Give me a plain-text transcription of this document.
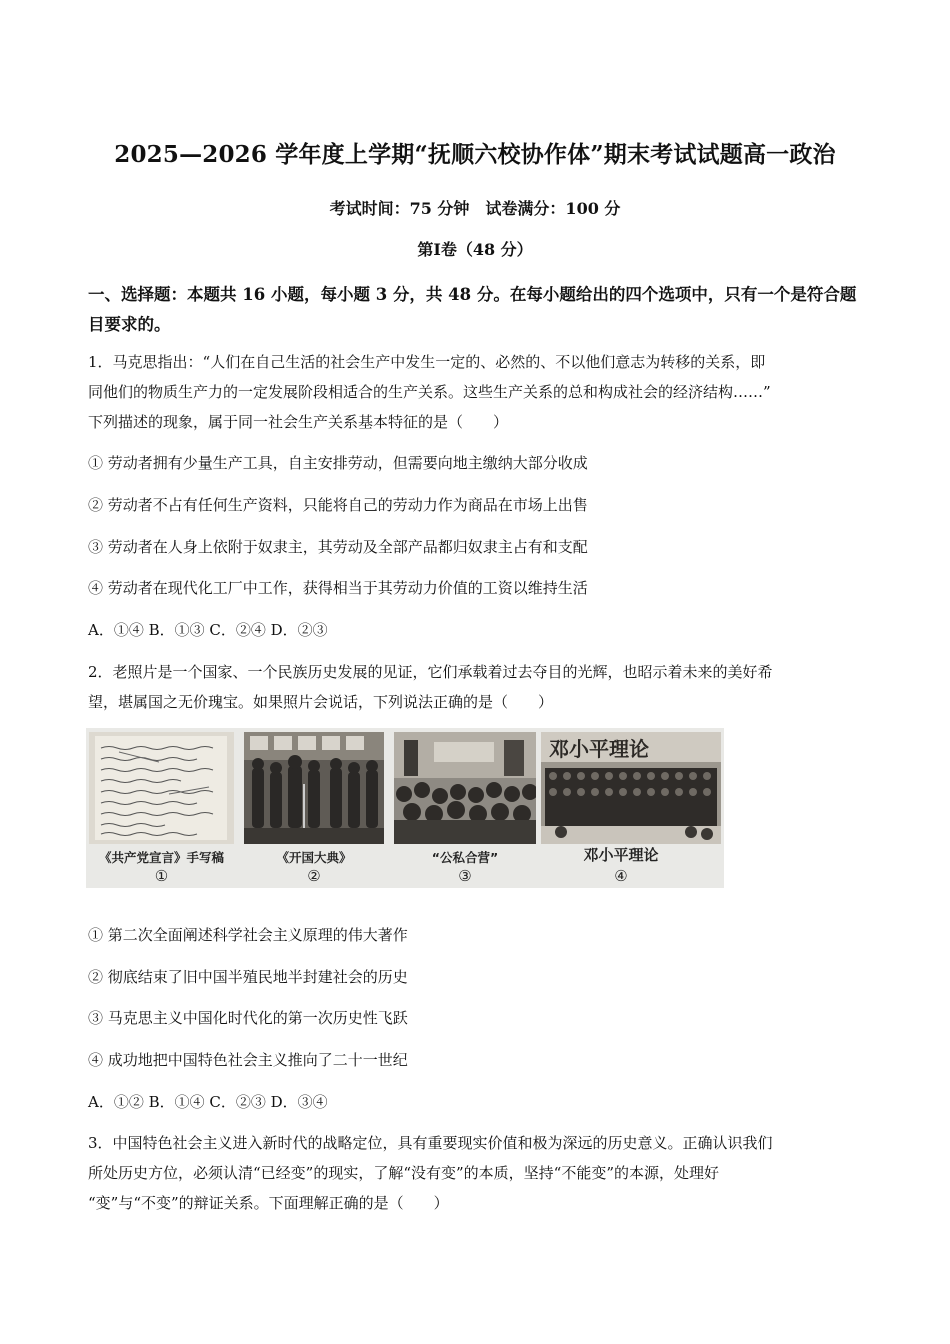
2025—2026 学年度上学期“抚顺六校协作体”期末考试试题高一政治
考试时间：75 分钟　试卷满分：100 分
第Ⅰ卷（48 分）
一、选择题：本题共 16 小题，每小题 3 分，共 48 分。在每小题给出的四个选项中，只有一个是符合题目要求的。
1．马克思指出：“人们在自己生活的社会生产中发生一定的、必然的、不以他们意志为转移的关系，即
同他们的物质生产力的一定发展阶段相适合的生产关系。这些生产关系的总和构成社会的经济结构……”
下列描述的现象，属于同一社会生产关系基本特征的是（　　）
① 劳动者拥有少量生产工具，自主安排劳动，但需要向地主缴纳大部分收成
② 劳动者不占有任何生产资料，只能将自己的劳动力作为商品在市场上出售
③ 劳动者在人身上依附于奴隶主，其劳动及全部产品都归奴隶主占有和支配
④ 劳动者在现代化工厂中工作，获得相当于其劳动力价值的工资以维持生活
A．①④ B．①③ C．②④ D．②③
2．老照片是一个国家、一个民族历史发展的见证，它们承载着过去夺目的光辉，也昭示着未来的美好希
望，堪属国之无价瑰宝。如果照片会说话，下列说法正确的是（　　）
邓小平理论
《共产党宣言》手写稿
①
《开国大典》
②
“公私合营”
③
邓小平理论
④
① 第二次全面阐述科学社会主义原理的伟大著作
② 彻底结束了旧中国半殖民地半封建社会的历史
③ 马克思主义中国化时代化的第一次历史性飞跃
④ 成功地把中国特色社会主义推向了二十一世纪
A．①② B．①④ C．②③ D．③④
3．中国特色社会主义进入新时代的战略定位，具有重要现实价值和极为深远的历史意义。正确认识我们
所处历史方位，必须认清“已经变”的现实，了解“没有变”的本质，坚持“不能变”的本源，处理好
“变”与“不变”的辩证关系。下面理解正确的是（　　）
